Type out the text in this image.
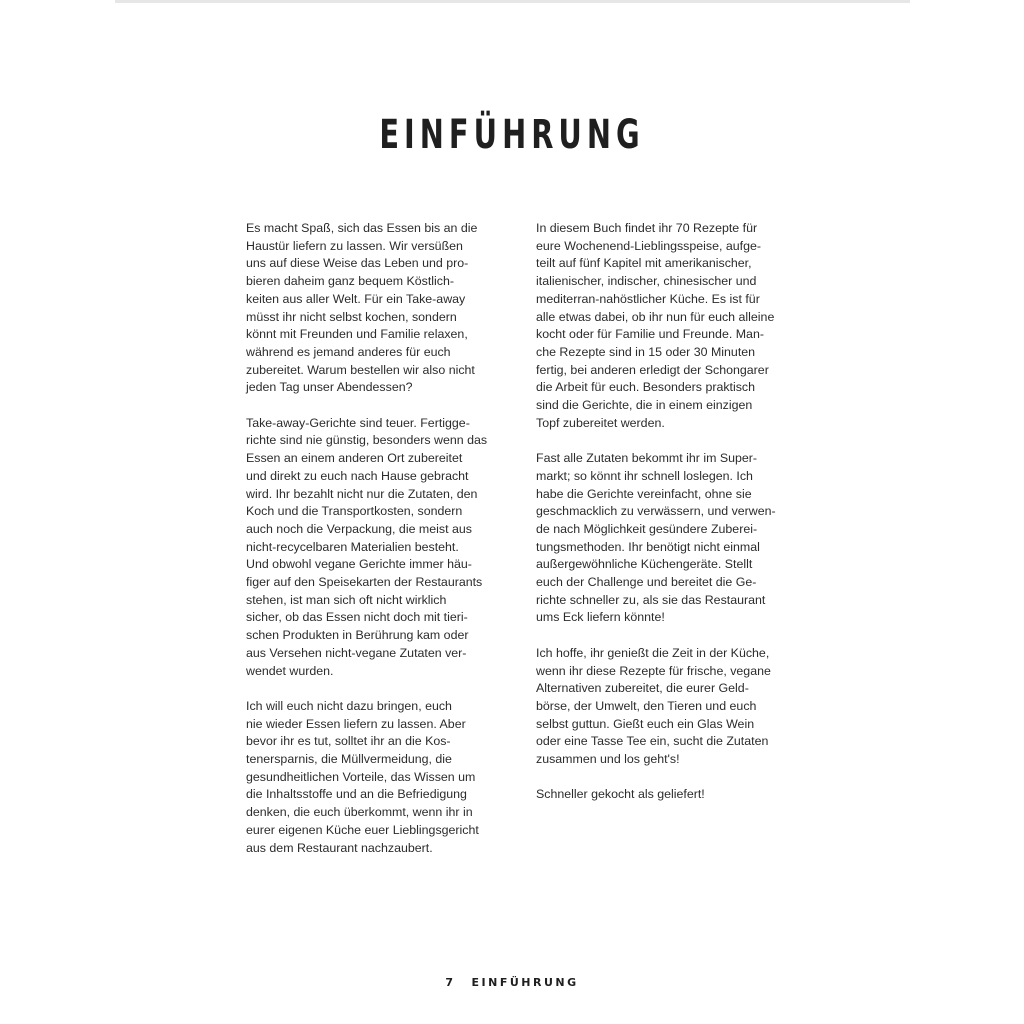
EINFÜHRUNG

Es macht Spaß, sich das Essen bis an die
Haustür liefern zu lassen. Wir versüßen
uns auf diese Weise das Leben und pro-
bieren daheim ganz bequem Köstlich-
keiten aus aller Welt. Für ein Take-away
müsst ihr nicht selbst kochen, sondern
könnt mit Freunden und Familie relaxen,
während es jemand anderes für euch
zubereitet. Warum bestellen wir also nicht
jeden Tag unser Abendessen?

Take-away-Gerichte sind teuer. Fertigge-
richte sind nie günstig, besonders wenn das
Essen an einem anderen Ort zubereitet
und direkt zu euch nach Hause gebracht
wird. Ihr bezahlt nicht nur die Zutaten, den
Koch und die Transportkosten, sondern
auch noch die Verpackung, die meist aus
nicht-recycelbaren Materialien besteht.
Und obwohl vegane Gerichte immer häu-
figer auf den Speisekarten der Restaurants
stehen, ist man sich oft nicht wirklich
sicher, ob das Essen nicht doch mit tieri-
schen Produkten in Berührung kam oder
aus Versehen nicht-vegane Zutaten ver-
wendet wurden.

Ich will euch nicht dazu bringen, euch
nie wieder Essen liefern zu lassen. Aber
bevor ihr es tut, solltet ihr an die Kos-
tenersparnis, die Müllvermeidung, die
gesundheitlichen Vorteile, das Wissen um
die Inhaltsstoffe und an die Befriedigung
denken, die euch überkommt, wenn ihr in
eurer eigenen Küche euer Lieblingsgericht
aus dem Restaurant nachzaubert.

In diesem Buch findet ihr 70 Rezepte für
eure Wochenend-Lieblingsspeise, aufge-
teilt auf fünf Kapitel mit amerikanischer,
italienischer, indischer, chinesischer und
mediterran-nahöstlicher Küche. Es ist für
alle etwas dabei, ob ihr nun für euch alleine
kocht oder für Familie und Freunde. Man-
che Rezepte sind in 15 oder 30 Minuten
fertig, bei anderen erledigt der Schongarer
die Arbeit für euch. Besonders praktisch
sind die Gerichte, die in einem einzigen
Topf zubereitet werden.

Fast alle Zutaten bekommt ihr im Super-
markt; so könnt ihr schnell loslegen. Ich
habe die Gerichte vereinfacht, ohne sie
geschmacklich zu verwässern, und verwen-
de nach Möglichkeit gesündere Zuberei-
tungsmethoden. Ihr benötigt nicht einmal
außergewöhnliche Küchengeräte. Stellt
euch der Challenge und bereitet die Ge-
richte schneller zu, als sie das Restaurant
ums Eck liefern könnte!

Ich hoffe, ihr genießt die Zeit in der Küche,
wenn ihr diese Rezepte für frische, vegane
Alternativen zubereitet, die eurer Geld-
börse, der Umwelt, den Tieren und euch
selbst guttun. Gießt euch ein Glas Wein
oder eine Tasse Tee ein, sucht die Zutaten
zusammen und los geht's!

Schneller gekocht als geliefert!

7 EINFÜHRUNG
